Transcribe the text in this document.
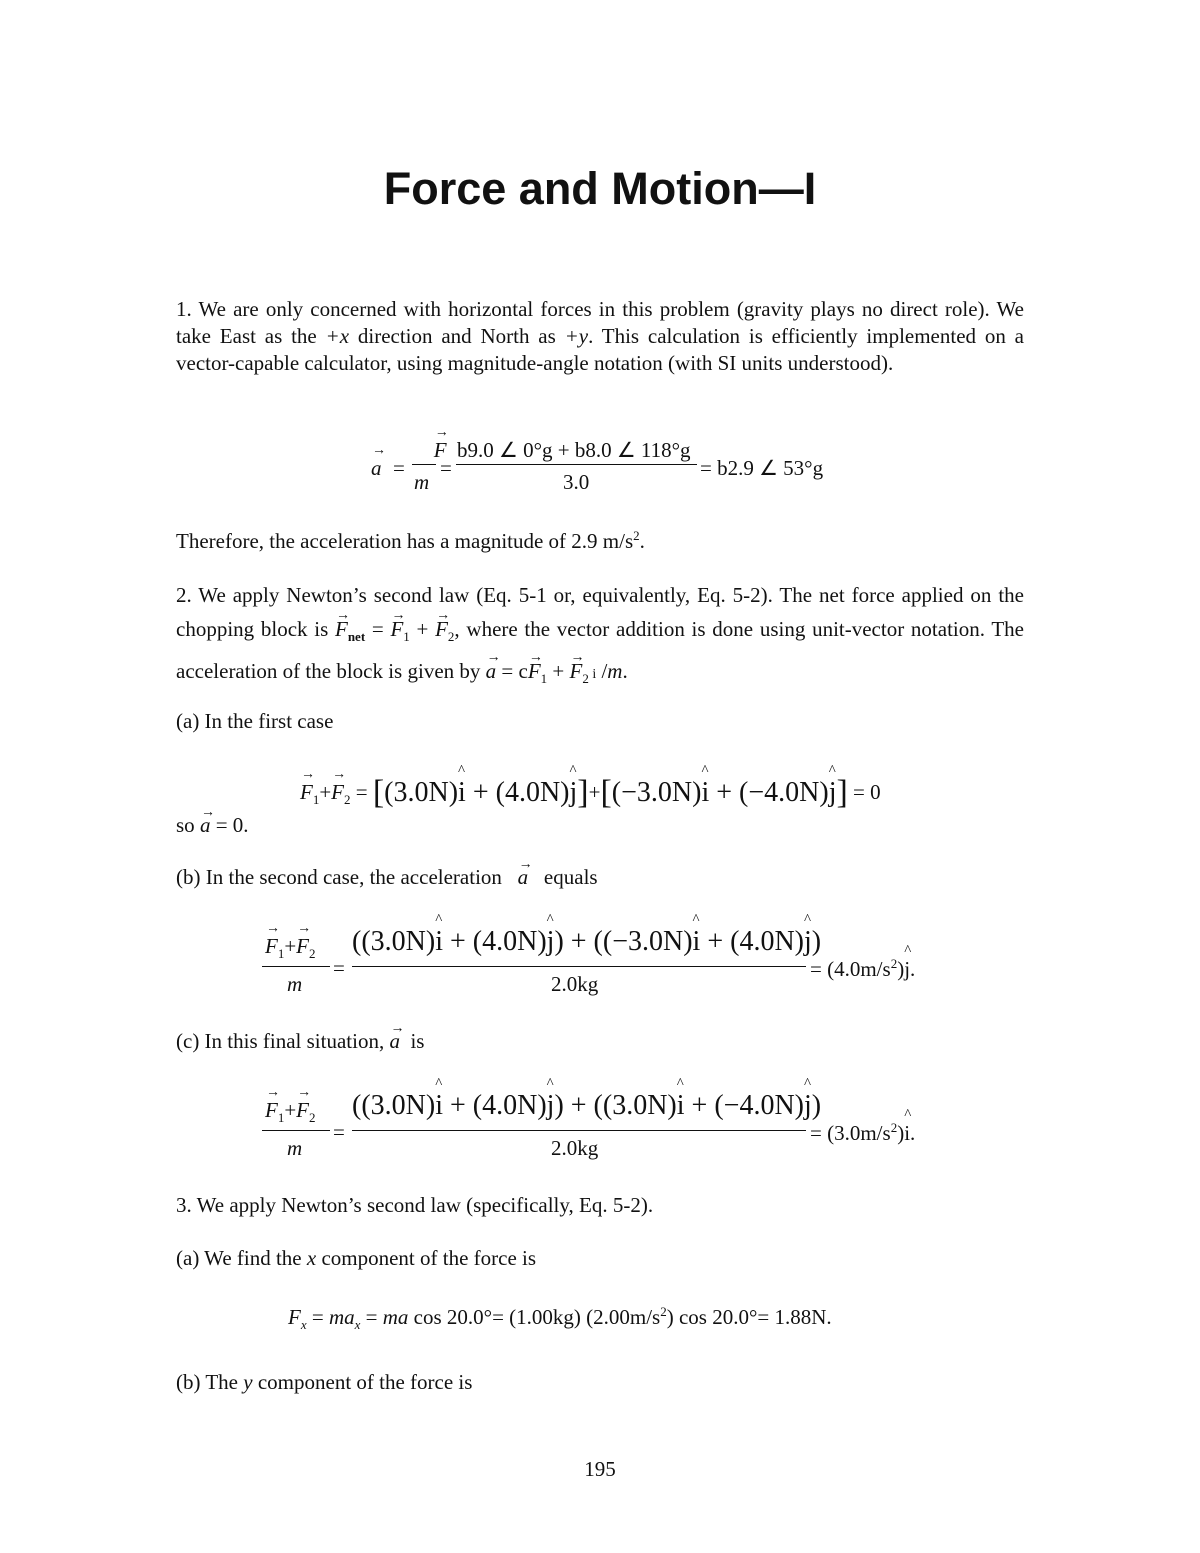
Force and Motion—I

1. We are only concerned with horizontal forces in this problem (gravity plays no direct role). We take East as the +x direction and North as +y. This calculation is efficiently implemented on a vector-capable calculator, using magnitude-angle notation (with SI units understood).

→ a =
→ F
m
=
b9.0 ∠ 0°g + b8.0 ∠ 118°g
3.0
= b2.9 ∠ 53°g

Therefore, the acceleration has a magnitude of 2.9 $m/s^2$.

2. We apply Newton’s second law (Eq. 5-1 or, equivalently, Eq. 5-2). The net force applied on the chopping block is → $F_{net}$ = → $F_1$ + → $F_2$, where the vector addition is done using unit-vector notation. The acceleration of the block is given by → $a = c\to F_1$ + → $F_2$ i /m.

(a) In the first case

→ $F_1+\to F_2$ = [(3.0N)^ i + (4.0N)^ j]+[(−3.0N)^ i + (−4.0N)^ j] = 0

so → a = 0.

(b) In the second case, the acceleration → a equals

→ $F_1+\to F_2$
m
=
((3.0N)^ i + (4.0N)^ j) + ((−3.0N)^ i + (4.0N)^ j)
2.0kg
= $(4.0m/s^2)\^{}$ j.

(c) In this final situation, → a is

→ $F_1+\to F_2$
m
=
((3.0N)^ i + (4.0N)^ j) + ((3.0N)^ i + (−4.0N)^ j)
2.0kg
= $(3.0m/s^2)\^{}$ i.

3. We apply Newton’s second law (specifically, Eq. 5-2).

(a) We find the x component of the force is

$F_x = ma_x$ = ma cos 20.0°= (1.00kg) $(2.00m/s^2)$ cos 20.0°= 1.88N.

(b) The y component of the force is

195
